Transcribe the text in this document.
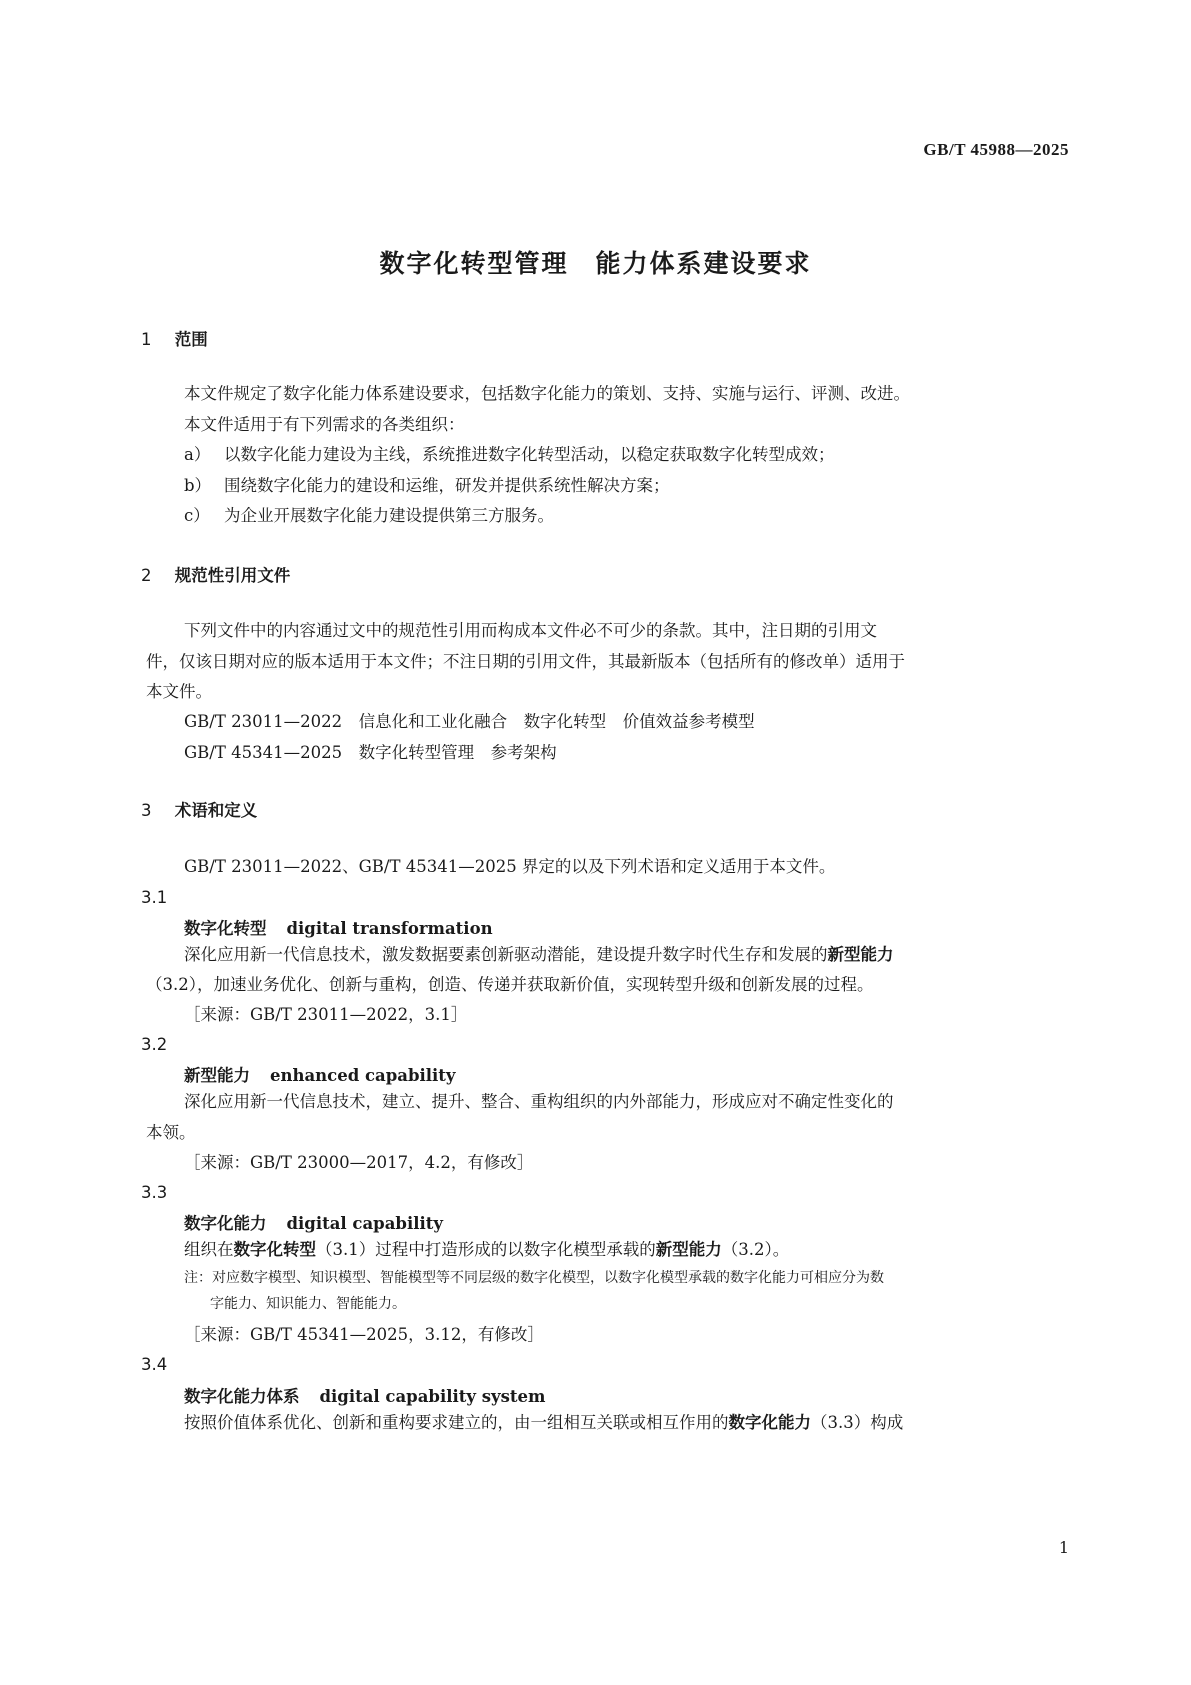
GB/T 45988—2025
数字化转型管理　能力体系建设要求
1 范围
本文件规定了数字化能力体系建设要求，包括数字化能力的策划、支持、实施与运行、评测、改进。
本文件适用于有下列需求的各类组织：
a） 以数字化能力建设为主线，系统推进数字化转型活动，以稳定获取数字化转型成效；
b） 围绕数字化能力的建设和运维，研发并提供系统性解决方案；
c） 为企业开展数字化能力建设提供第三方服务。
2 规范性引用文件
下列文件中的内容通过文中的规范性引用而构成本文件必不可少的条款。其中，注日期的引用文
件，仅该日期对应的版本适用于本文件；不注日期的引用文件，其最新版本（包括所有的修改单）适用于
本文件。
GB/T 23011—2022　信息化和工业化融合　数字化转型　价值效益参考模型
GB/T 45341—2025　数字化转型管理　参考架构
3 术语和定义
GB/T 23011—2022、GB/T 45341—2025 界定的以及下列术语和定义适用于本文件。
3.1
数字化转型 digital transformation
深化应用新一代信息技术，激发数据要素创新驱动潜能，建设提升数字时代生存和发展的新型能力
（3.2），加速业务优化、创新与重构，创造、传递并获取新价值，实现转型升级和创新发展的过程。
［来源：GB/T 23011—2022，3.1］
3.2
新型能力 enhanced capability
深化应用新一代信息技术，建立、提升、整合、重构组织的内外部能力，形成应对不确定性变化的
本领。
［来源：GB/T 23000—2017，4.2，有修改］
3.3
数字化能力 digital capability
组织在数字化转型（3.1）过程中打造形成的以数字化模型承载的新型能力（3.2）。
注：对应数字模型、知识模型、智能模型等不同层级的数字化模型，以数字化模型承载的数字化能力可相应分为数
字能力、知识能力、智能能力。
［来源：GB/T 45341—2025，3.12，有修改］
3.4
数字化能力体系 digital capability system
按照价值体系优化、创新和重构要求建立的，由一组相互关联或相互作用的数字化能力（3.3）构成
1
